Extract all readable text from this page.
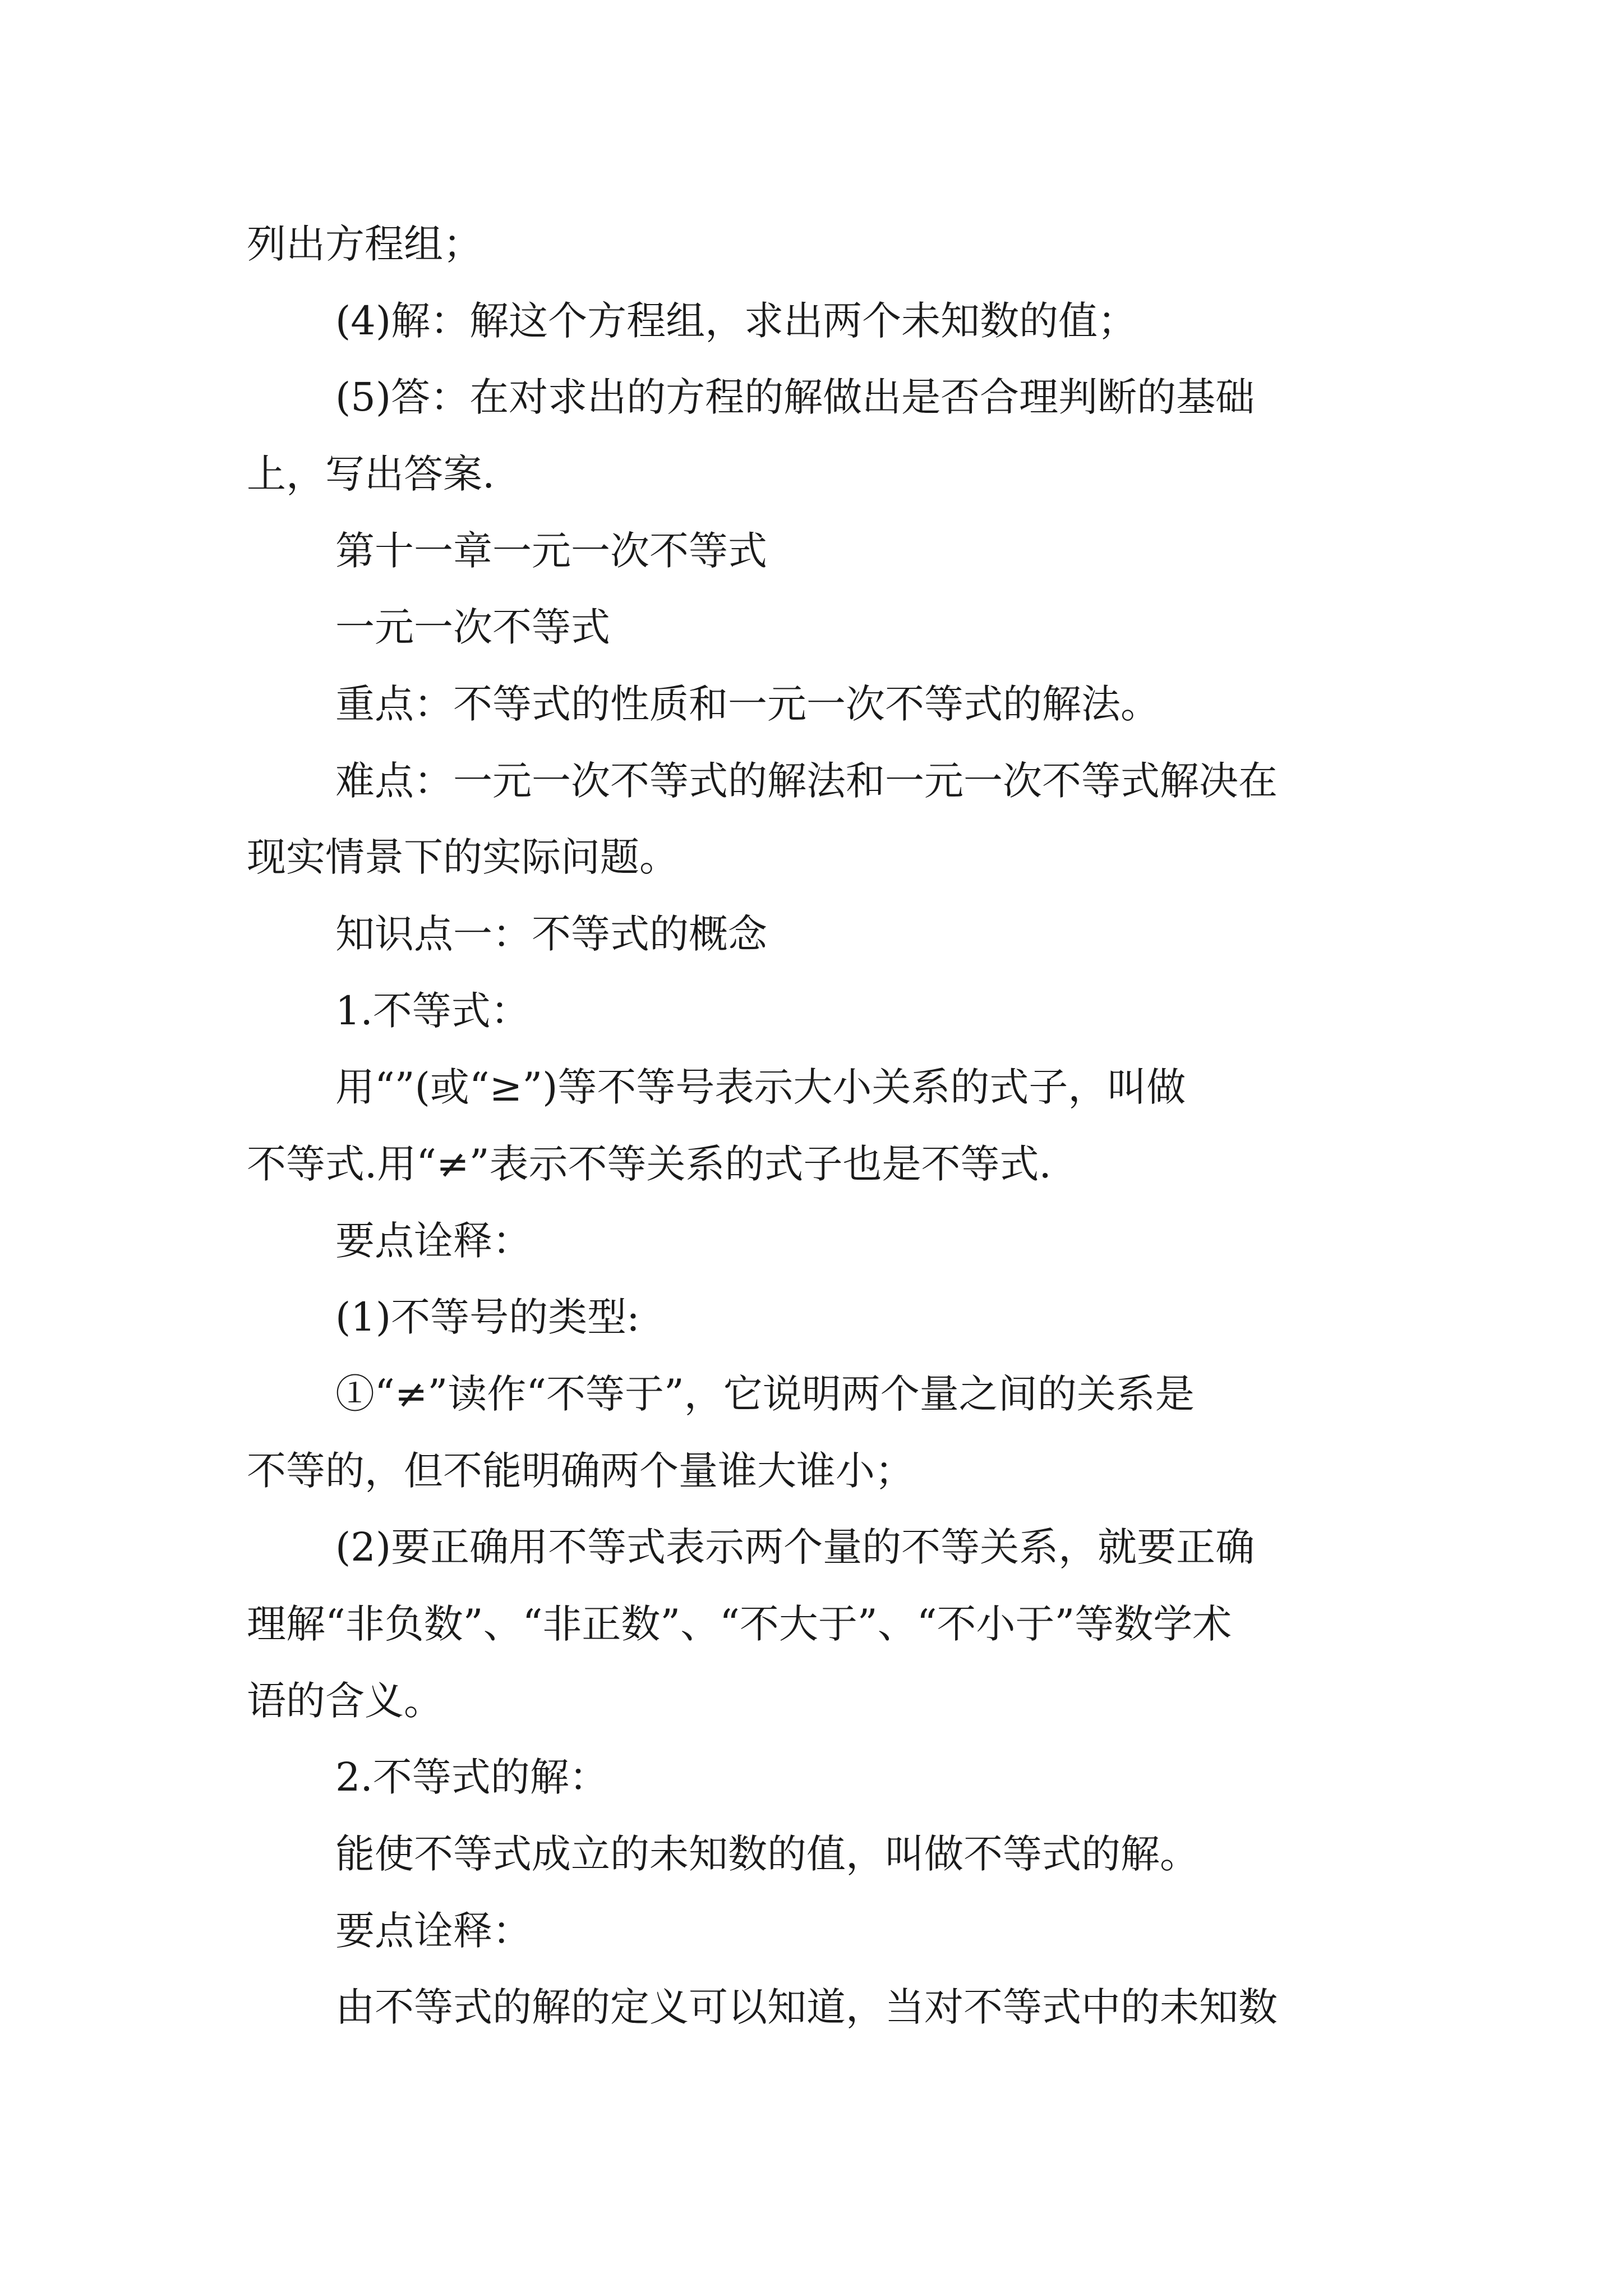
列出方程组；

(4)解：解这个方程组，求出两个未知数的值；

(5)答：在对求出的方程的解做出是否合理判断的基础

上，写出答案.

第十一章一元一次不等式

一元一次不等式

重点：不等式的性质和一元一次不等式的解法。

难点：一元一次不等式的解法和一元一次不等式解决在

现实情景下的实际问题。

知识点一：不等式的概念

1.不等式：

用“”(或“≥”)等不等号表示大小关系的式子，叫做

不等式.用“≠”表示不等关系的式子也是不等式.

要点诠释：

(1)不等号的类型:

①“≠”读作“不等于”，它说明两个量之间的关系是

不等的，但不能明确两个量谁大谁小；

(2)要正确用不等式表示两个量的不等关系，就要正确

理解“非负数”、“非正数”、“不大于”、“不小于”等数学术

语的含义。

2.不等式的解：

能使不等式成立的未知数的值，叫做不等式的解。

要点诠释：

由不等式的解的定义可以知道，当对不等式中的未知数
